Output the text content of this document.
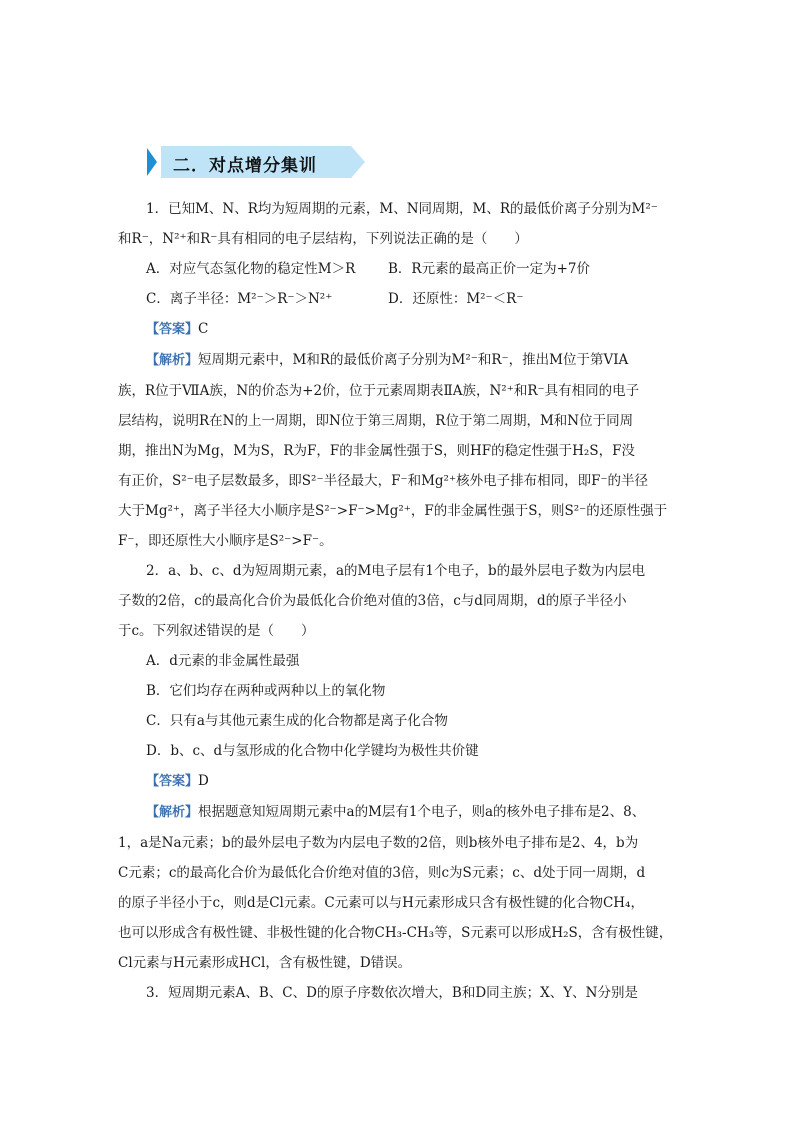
二．对点增分集训

1．已知M、N、R均为短周期的元素，M、N同周期，M、R的最低价离子分别为M²⁻

和R⁻，N²⁺和R⁻具有相同的电子层结构，下列说法正确的是（　　）

A．对应气态氢化物的稳定性M＞R	B．R元素的最高正价一定为+7价
C．离子半径：M²⁻＞R⁻＞N²⁺	D．还原性：M²⁻＜R⁻

【答案】C

【解析】短周期元素中，M和R的最低价离子分别为M²⁻和R⁻，推出M位于第VIA

族，R位于ⅦA族，N的价态为+2价，位于元素周期表ⅡA族，N²⁺和R⁻具有相同的电子

层结构，说明R在N的上一周期，即N位于第三周期，R位于第二周期，M和N位于同周

期，推出N为Mg，M为S，R为F，F的非金属性强于S，则HF的稳定性强于H₂S，F没

有正价，S²⁻电子层数最多，即S²⁻半径最大，F⁻和Mg²⁺核外电子排布相同，即F⁻的半径

大于Mg²⁺，离子半径大小顺序是S²⁻>F⁻>Mg²⁺，F的非金属性强于S，则S²⁻的还原性强于

F⁻，即还原性大小顺序是S²⁻>F⁻。

2．a、b、c、d为短周期元素，a的M电子层有1个电子，b的最外层电子数为内层电

子数的2倍，c的最高化合价为最低化合价绝对值的3倍，c与d同周期，d的原子半径小

于c。下列叙述错误的是（　　）

A．d元素的非金属性最强

B．它们均存在两种或两种以上的氧化物

C．只有a与其他元素生成的化合物都是离子化合物

D．b、c、d与氢形成的化合物中化学键均为极性共价键

【答案】D

【解析】根据题意知短周期元素中a的M层有1个电子，则a的核外电子排布是2、8、

1，a是Na元素；b的最外层电子数为内层电子数的2倍，则b核外电子排布是2、4，b为

C元素；c的最高化合价为最低化合价绝对值的3倍，则c为S元素；c、d处于同一周期，d

的原子半径小于c，则d是Cl元素。C元素可以与H元素形成只含有极性键的化合物CH₄，

也可以形成含有极性键、非极性键的化合物CH₃-CH₃等，S元素可以形成H₂S，含有极性键，

Cl元素与H元素形成HCl，含有极性键，D错误。

3．短周期元素A、B、C、D的原子序数依次增大，B和D同主族；X、Y、N分别是
